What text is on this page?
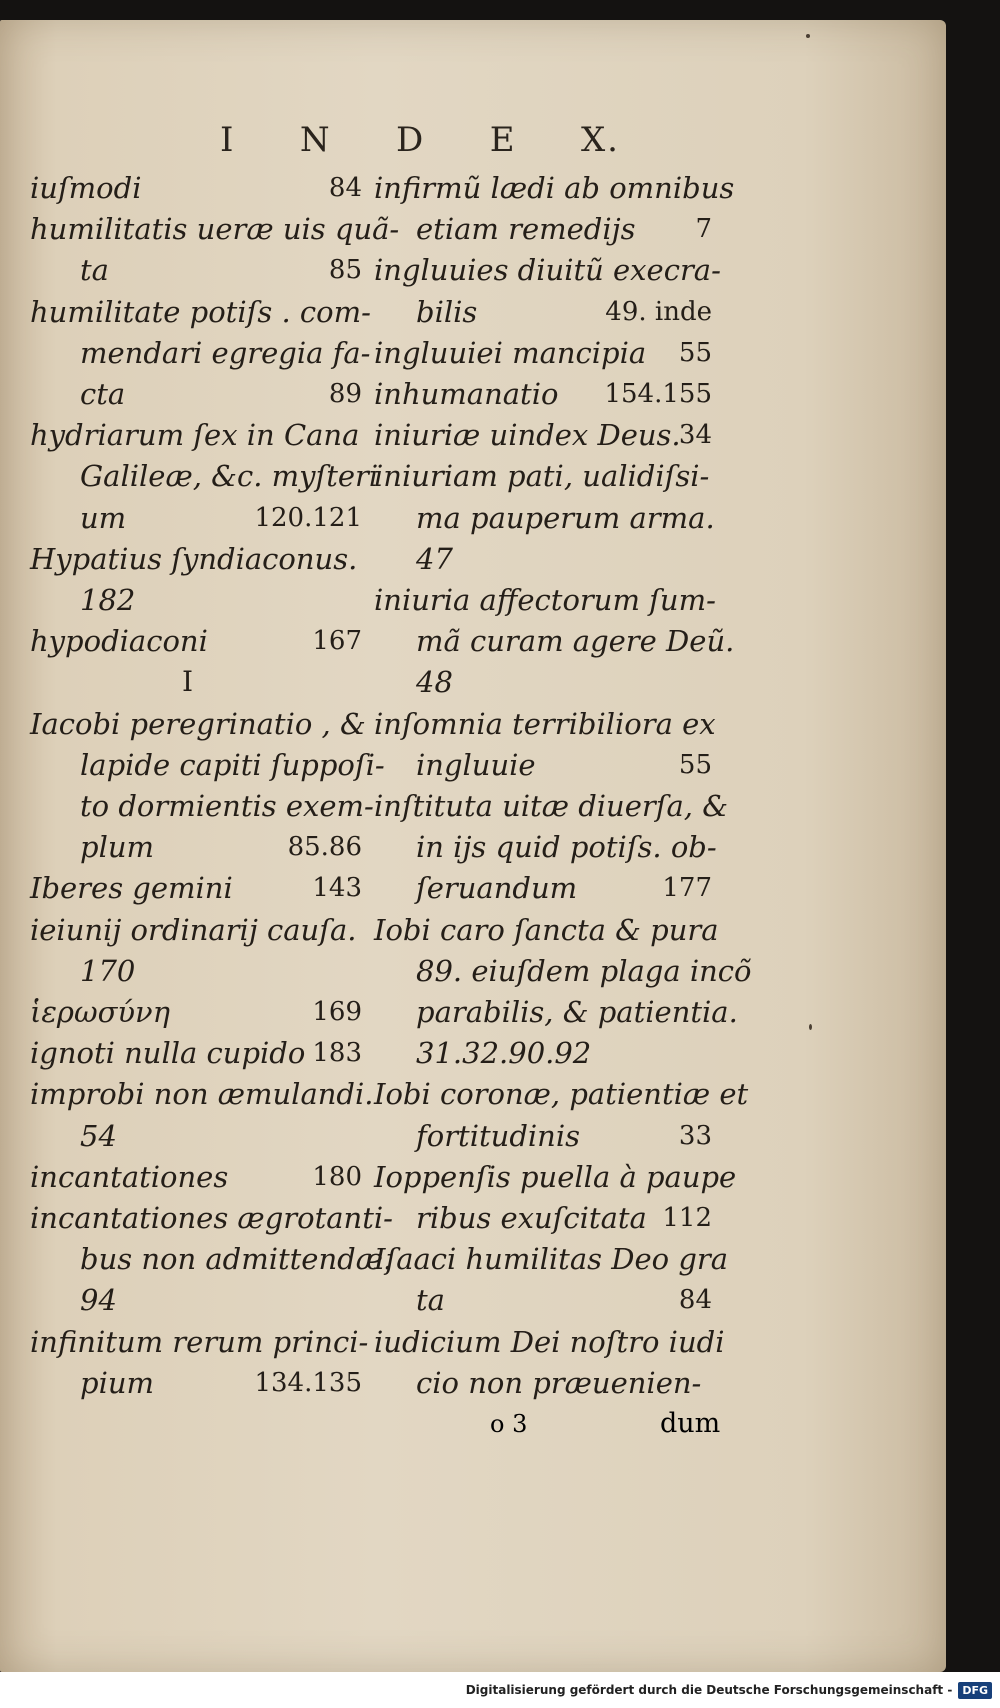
I N D E X.
iuſmodi	84
humilitatis ueræ uis quã-
ta	85
humilitate potiſs . com-
mendari egregia fa-
cta	89
hydriarum ſex in Cana
Galileæ, &c. myſteri
um	120.121
Hypatius ſyndiaconus.
182
hypodiaconi	167
I
Iacobi peregrinatio , &
lapide capiti ſuppoſi-
to dormientis exem-
plum	85.86
Iberes gemini	143
ieiunij ordinarij cauſa.
170
ἱερωσύνη	169
ignoti nulla cupido 183
improbi non æmulandi.
54
incantationes	180
incantationes ægrotanti-
bus non admittendæ.
94
infinitum rerum princi-
pium	134.135
infirmũ lædi ab omnibus
etiam remedijs	7
ingluuies diuitũ execra-
bilis	49. inde
ingluuiei mancipia	55
inhumanatio	154.155
iniuriæ uindex Deus.
34
iniuriam pati, ualidiſsi-
ma pauperum arma.
47
iniuria affectorum ſum-
mã curam agere Deũ.
48
inſomnia terribiliora ex
ingluuie	55
inſtituta uitæ diuerſa, &
in ijs quid potiſs. ob-
ſeruandum	177
Iobi caro ſancta & pura
89. eiuſdem plaga incõ
parabilis, & patientia.
31.32.90.92
Iobi coronæ, patientiæ et
fortitudinis	33
Ioppenſis puella à paupe
ribus exuſcitata 112
Iſaaci humilitas Deo gra
ta	84
iudicium Dei noſtro iudi
cio non præuenien-
o 3	dum
Digitalisierung gefördert durch die Deutsche Forschungsgemeinschaft - DFG
